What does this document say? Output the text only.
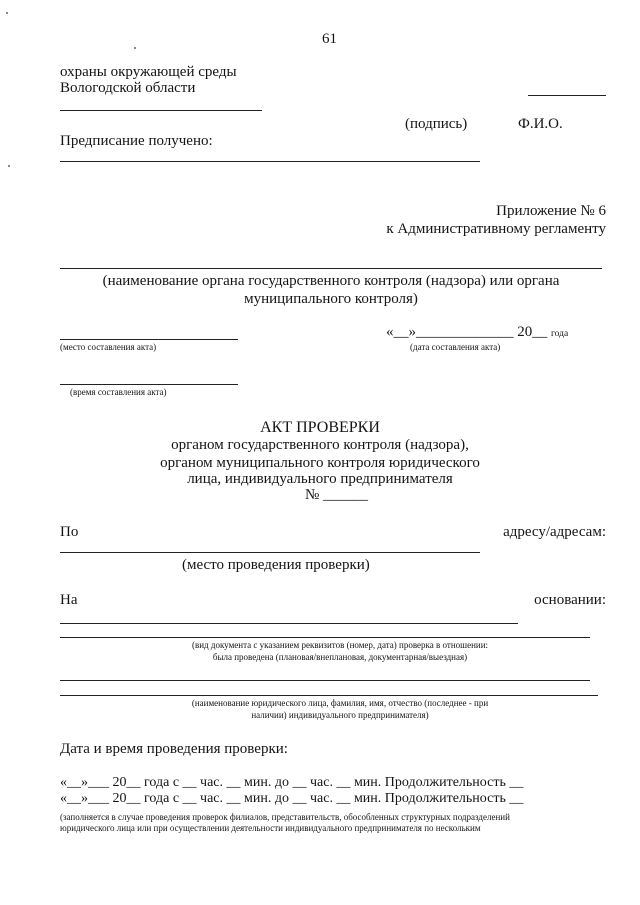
61
охраны окружающей среды
Вологодской области
(подпись)	Ф.И.О.
Предписание получено:
Приложение № 6
к Административному регламенту
(наименование органа государственного контроля (надзора) или органа
муниципального контроля)
«__»_____________ 20__ года
(место составления акта)	(дата составления акта)
(время составления акта)
АКТ ПРОВЕРКИ
органом государственного контроля (надзора),
органом муниципального контроля юридического
лица, индивидуального предпринимателя
№ ______
По	адресу/адресам:
(место проведения проверки)
На	основании:
(вид документа с указанием реквизитов (номер, дата) проверка в отношении:
была проведена (плановая/внеплановая, документарная/выездная)
(наименование юридического лица, фамилия, имя, отчество (последнее - при
наличии) индивидуального предпринимателя)
Дата и время проведения проверки:
«__»___ 20__ года с __ час. __ мин. до __ час. __ мин. Продолжительность __
«__»___ 20__ года с __ час. __ мин. до __ час. __ мин. Продолжительность __
(заполняется в случае проведения проверок филиалов, представительств, обособленных структурных подразделений
юридического лица или при осуществлении деятельности индивидуального предпринимателя по нескольким
